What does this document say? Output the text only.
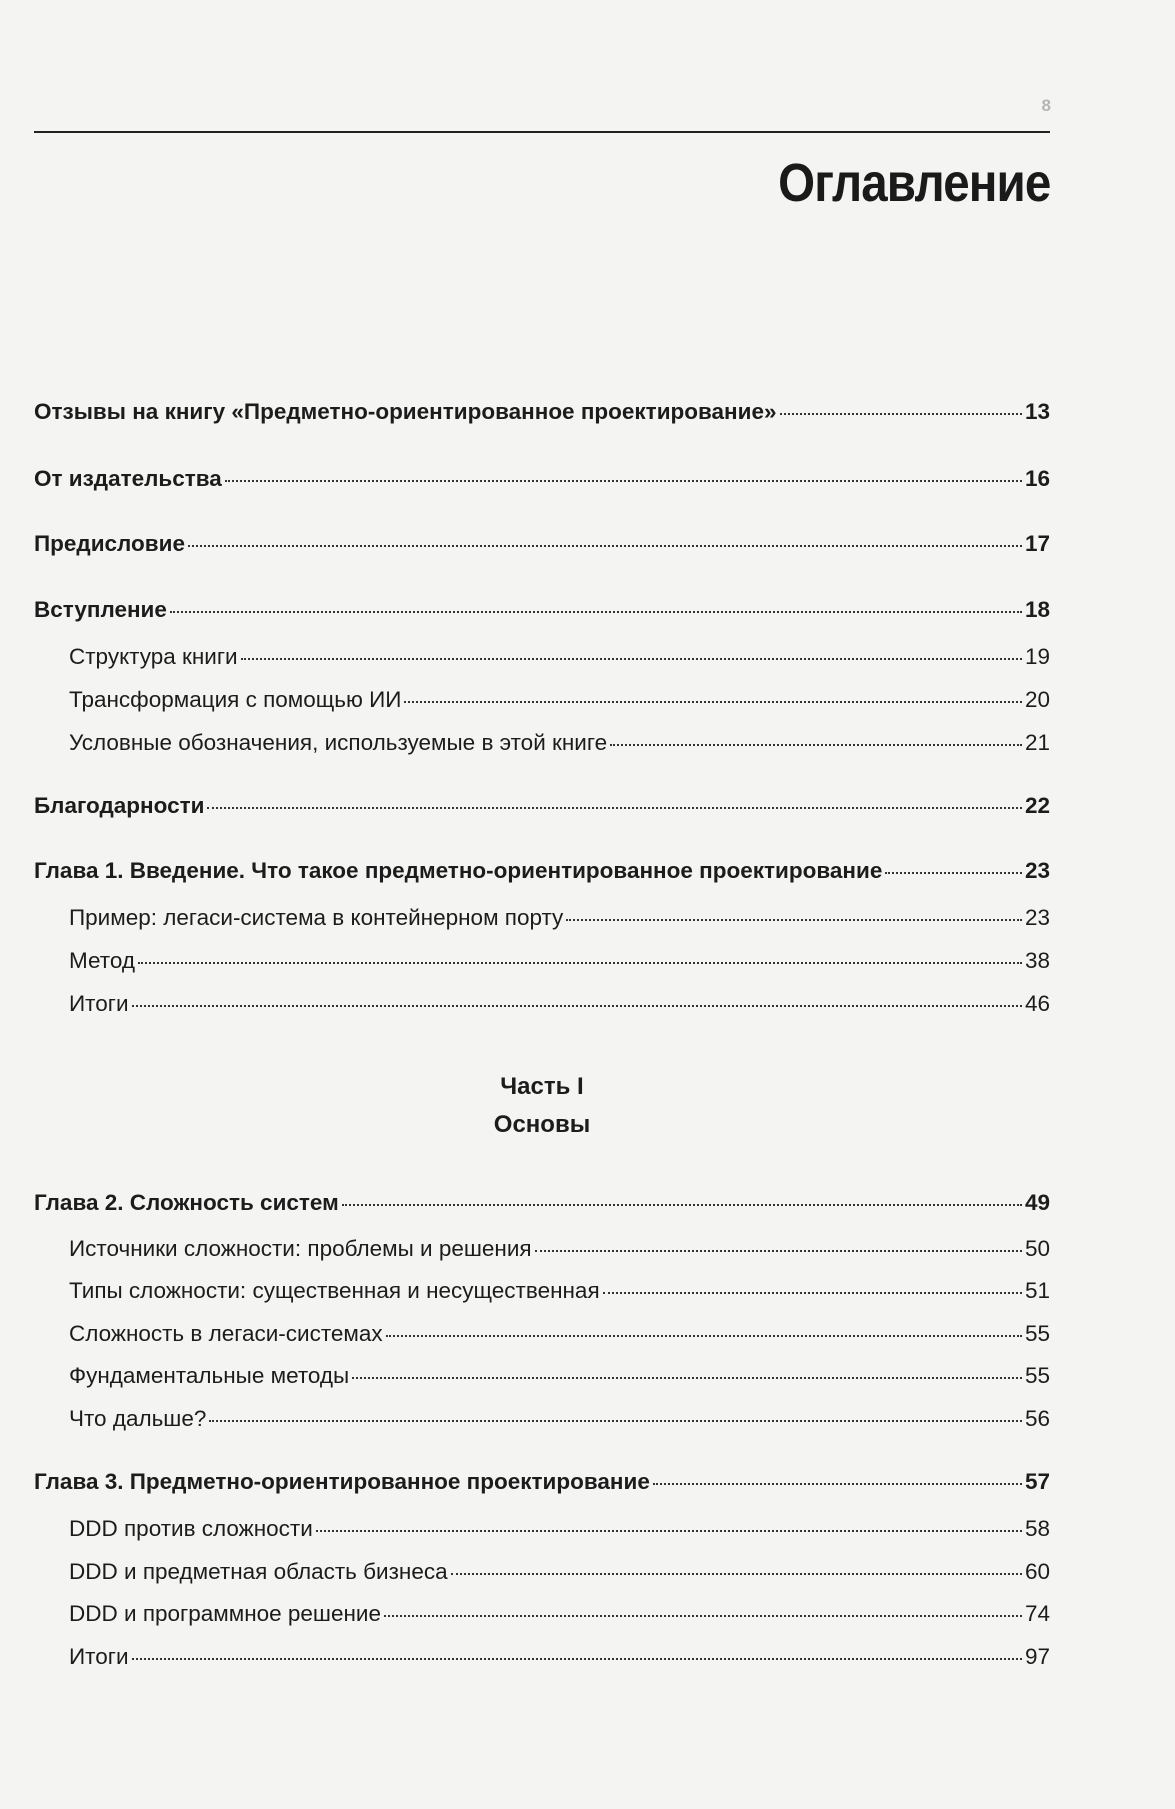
8
Оглавление
Отзывы на книгу «Предметно-ориентированное проектирование»	13
От издательства	16
Предисловие	17
Вступление	18
Структура книги	19
Трансформация с помощью ИИ	20
Условные обозначения, используемые в этой книге	21
Благодарности	22
Глава 1. Введение. Что такое предметно-ориентированное проектирование	23
Пример: легаси-система в контейнерном порту	23
Метод	38
Итоги	46
Часть I
Основы
Глава 2. Сложность систем	49
Источники сложности: проблемы и решения	50
Типы сложности: существенная и несущественная	51
Сложность в легаси-системах	55
Фундаментальные методы	55
Что дальше?	56
Глава 3. Предметно-ориентированное проектирование	57
DDD против сложности	58
DDD и предметная область бизнеса	60
DDD и программное решение	74
Итоги	97
